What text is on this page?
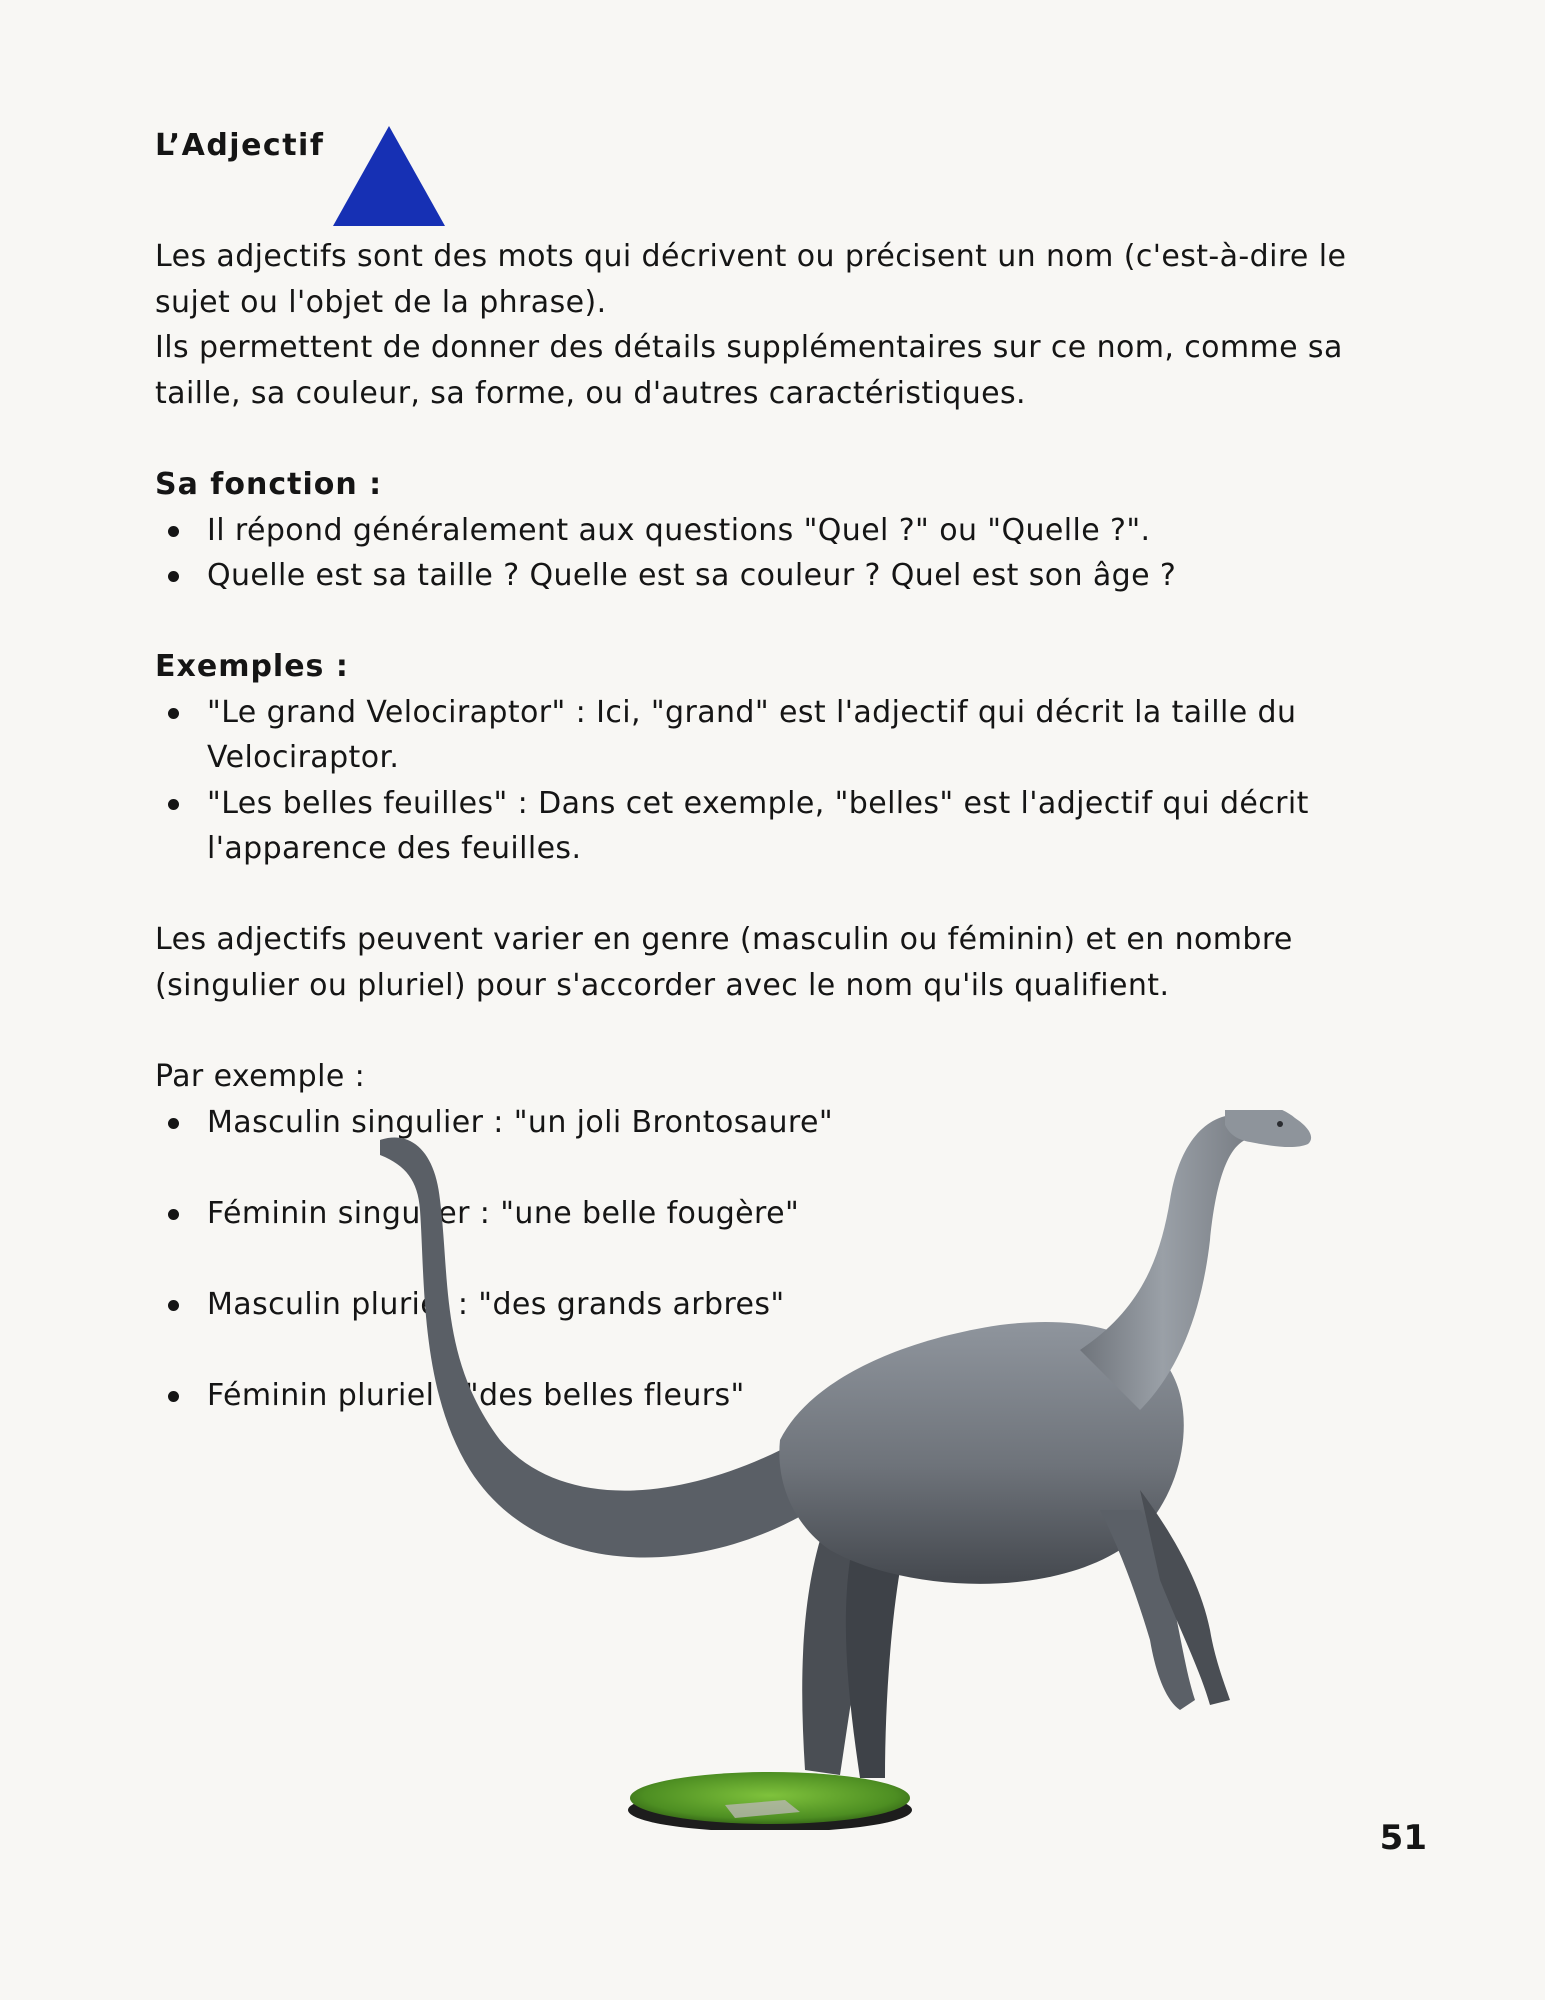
L’Adjectif

Les adjectifs sont des mots qui décrivent ou précisent un nom (c'est-à-dire le sujet ou l'objet de la phrase).

Ils permettent de donner des détails supplémentaires sur ce nom, comme sa taille, sa couleur, sa forme, ou d'autres caractéristiques.

Sa fonction :

Il répond généralement aux questions "Quel ?" ou "Quelle ?".
Quelle est sa taille ? Quelle est sa couleur ? Quel est son âge ?

Exemples :

"Le grand Velociraptor" : Ici, "grand" est l'adjectif qui décrit la taille du Velociraptor.
"Les belles feuilles" : Dans cet exemple, "belles" est l'adjectif qui décrit l'apparence des feuilles.

Les adjectifs peuvent varier en genre (masculin ou féminin) et en nombre (singulier ou pluriel) pour s'accorder avec le nom qu'ils qualifient.

Par exemple :

Masculin singulier : "un joli Brontosaure"
Féminin singulier : "une belle fougère"
Masculin pluriel : "des grands arbres"
Féminin pluriel : "des belles fleurs"
51
